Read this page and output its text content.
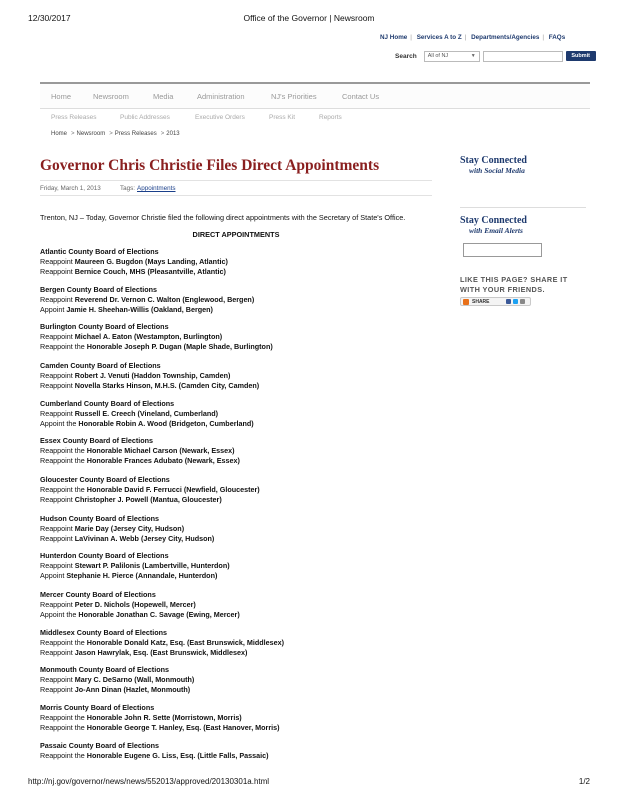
12/30/2017	Office of the Governor | Newsroom
http://nj.gov/governor/news/news/552013/approved/20130301a.html	1/2
NJ Home | Services A to Z | Departments/Agencies | FAQs
Search	All of NJ	▼	Submit
Home	Newsroom	Media	Administration	NJ's Priorities	Contact Us
Press Releases	Public Addresses	Executive Orders	Press Kit	Reports
Home > Newsroom > Press Releases > 2013
Governor Chris Christie Files Direct Appointments
Friday, March 1, 2013	Tags: Appointments

Trenton, NJ – Today, Governor Christie filed the following direct appointments with the Secretary of State's Office.

DIRECT APPOINTMENTS
Atlantic County Board of Elections
Reappoint Maureen G. Bugdon (Mays Landing, Atlantic)
Reappoint Bernice Couch, MHS (Pleasantville, Atlantic)
Bergen County Board of Elections
Reappoint Reverend Dr. Vernon C. Walton (Englewood, Bergen)
Appoint Jamie H. Sheehan-Willis (Oakland, Bergen)
Burlington County Board of Elections
Reappoint Michael A. Eaton (Westampton, Burlington)
Reappoint the Honorable Joseph P. Dugan (Maple Shade, Burlington)
Camden County Board of Elections
Reappoint Robert J. Venuti (Haddon Township, Camden)
Reappoint Novella Starks Hinson, M.H.S. (Camden City, Camden)
Cumberland County Board of Elections
Reappoint Russell E. Creech (Vineland, Cumberland)
Appoint the Honorable Robin A. Wood (Bridgeton, Cumberland)
Essex County Board of Elections
Reappoint the Honorable Michael Carson (Newark, Essex)
Reappoint the Honorable Frances Adubato (Newark, Essex)
Gloucester County Board of Elections
Reappoint the Honorable David F. Ferrucci (Newfield, Gloucester)
Reappoint Christopher J. Powell (Mantua, Gloucester)
Hudson County Board of Elections
Reappoint Marie Day (Jersey City, Hudson)
Reappoint LaVivinan A. Webb (Jersey City, Hudson)
Hunterdon County Board of Elections
Reappoint Stewart P. Palilonis (Lambertville, Hunterdon)
Appoint Stephanie H. Pierce (Annandale, Hunterdon)
Mercer County Board of Elections
Reappoint Peter D. Nichols (Hopewell, Mercer)
Appoint the Honorable Jonathan C. Savage (Ewing, Mercer)
Middlesex County Board of Elections
Reappoint the Honorable Donald Katz, Esq. (East Brunswick, Middlesex)
Reappoint Jason Hawrylak, Esq. (East Brunswick, Middlesex)
Monmouth County Board of Elections
Reappoint Mary C. DeSarno (Wall, Monmouth)
Reappoint Jo-Ann Dinan (Hazlet, Monmouth)
Morris County Board of Elections
Reappoint the Honorable John R. Sette (Morristown, Morris)
Reappoint the Honorable George T. Hanley, Esq. (East Hanover, Morris)
Passaic County Board of Elections
Reappoint the Honorable Eugene G. Liss, Esq. (Little Falls, Passaic)
Stay Connected
with Social Media
Stay Connected
with Email Alerts
LIKE THIS PAGE? SHARE IT
WITH YOUR FRIENDS.
SHARE
